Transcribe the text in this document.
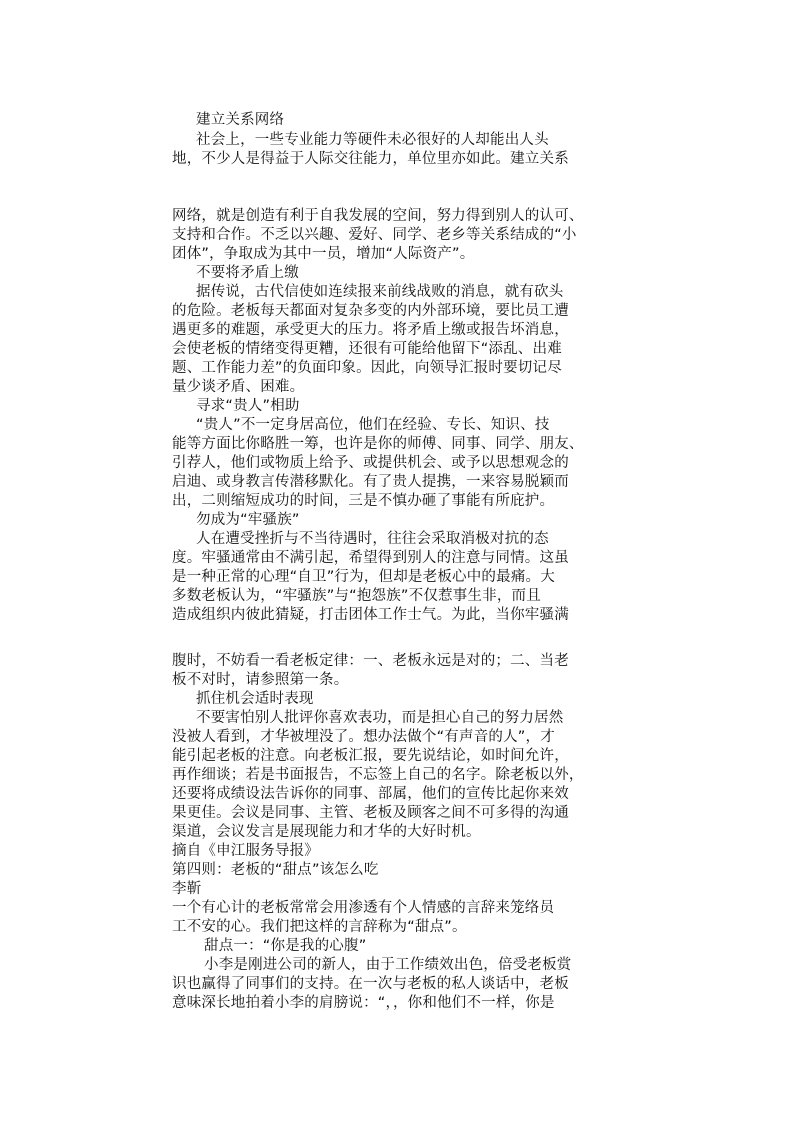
建立关系网络
社会上，一些专业能力等硬件未必很好的人却能出人头
地，不少人是得益于人际交往能力，单位里亦如此。建立关系
网络，就是创造有利于自我发展的空间，努力得到别人的认可、
支持和合作。不乏以兴趣、爱好、同学、老乡等关系结成的“小
团体”，争取成为其中一员，增加“人际资产”。
不要将矛盾上缴
据传说，古代信使如连续报来前线战败的消息，就有砍头
的危险。老板每天都面对复杂多变的内外部环境，要比员工遭
遇更多的难题，承受更大的压力。将矛盾上缴或报告坏消息，
会使老板的情绪变得更糟，还很有可能给他留下“添乱、出难
题、工作能力差”的负面印象。因此，向领导汇报时要切记尽
量少谈矛盾、困难。
寻求“贵人”相助
“贵人”不一定身居高位，他们在经验、专长、知识、技
能等方面比你略胜一筹，也许是你的师傅、同事、同学、朋友、
引荐人，他们或物质上给予、或提供机会、或予以思想观念的
启迪、或身教言传潜移默化。有了贵人提携，一来容易脱颖而
出，二则缩短成功的时间，三是不慎办砸了事能有所庇护。
勿成为“牢骚族”
人在遭受挫折与不当待遇时，往往会采取消极对抗的态
度。牢骚通常由不满引起，希望得到别人的注意与同情。这虽
是一种正常的心理“自卫”行为，但却是老板心中的最痛。大
多数老板认为，“牢骚族”与“抱怨族”不仅惹事生非，而且
造成组织内彼此猜疑，打击团体工作士气。为此，当你牢骚满
腹时，不妨看一看老板定律：一、老板永远是对的；二、当老
板不对时，请参照第一条。
抓住机会适时表现
不要害怕别人批评你喜欢表功，而是担心自己的努力居然
没被人看到，才华被埋没了。想办法做个“有声音的人”，才
能引起老板的注意。向老板汇报，要先说结论，如时间允许，
再作细谈；若是书面报告，不忘签上自己的名字。除老板以外，
还要将成绩设法告诉你的同事、部属，他们的宣传比起你来效
果更佳。会议是同事、主管、老板及顾客之间不可多得的沟通
渠道，会议发言是展现能力和才华的大好时机。
摘自《申江服务导报》
第四则：老板的“甜点”该怎么吃
李靳
一个有心计的老板常常会用渗透有个人情感的言辞来笼络员
工不安的心。我们把这样的言辞称为“甜点”。
甜点一：“你是我的心腹”
小李是刚进公司的新人，由于工作绩效出色，倍受老板赏
识也赢得了同事们的支持。在一次与老板的私人谈话中，老板
意味深长地拍着小李的肩膀说：“，，你和他们不一样，你是
